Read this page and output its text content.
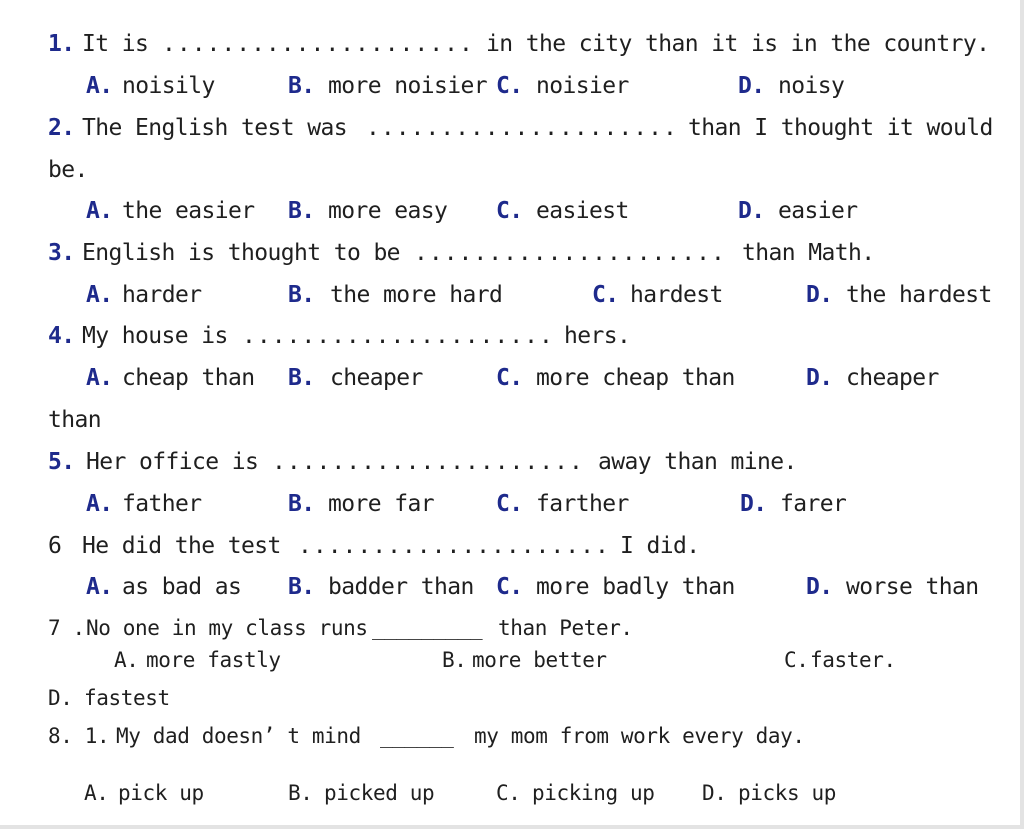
1. It is ..................... in the city than it is in the country.
A. noisily	B. more noisier C. noisier	D. noisy
2. The English test was ..................... than I thought it would
be.
A. the easier B. more easy C. easiest	D. easier
3. English is thought to be ..................... than Math.
A. harder	B. the more hard	C. hardest	D. the hardest
4. My house is ..................... hers.
A. cheap than B. cheaper	C. more cheap than	D. cheaper
than
5. Her office is ..................... away than mine.
A. father	B. more far	C. farther	D. farer
6 He did the test ..................... I did.
A. as bad as B. badder than C. more badly than	D. worse than
7 . No one in my class runs _________ than Peter.
A. more fastly	B. more better	C. faster.
D. fastest
8. 1. My dad doesn’ t mind ______ my mom from work every day.
A. pick up	B. picked up	C. picking up D. picks up
